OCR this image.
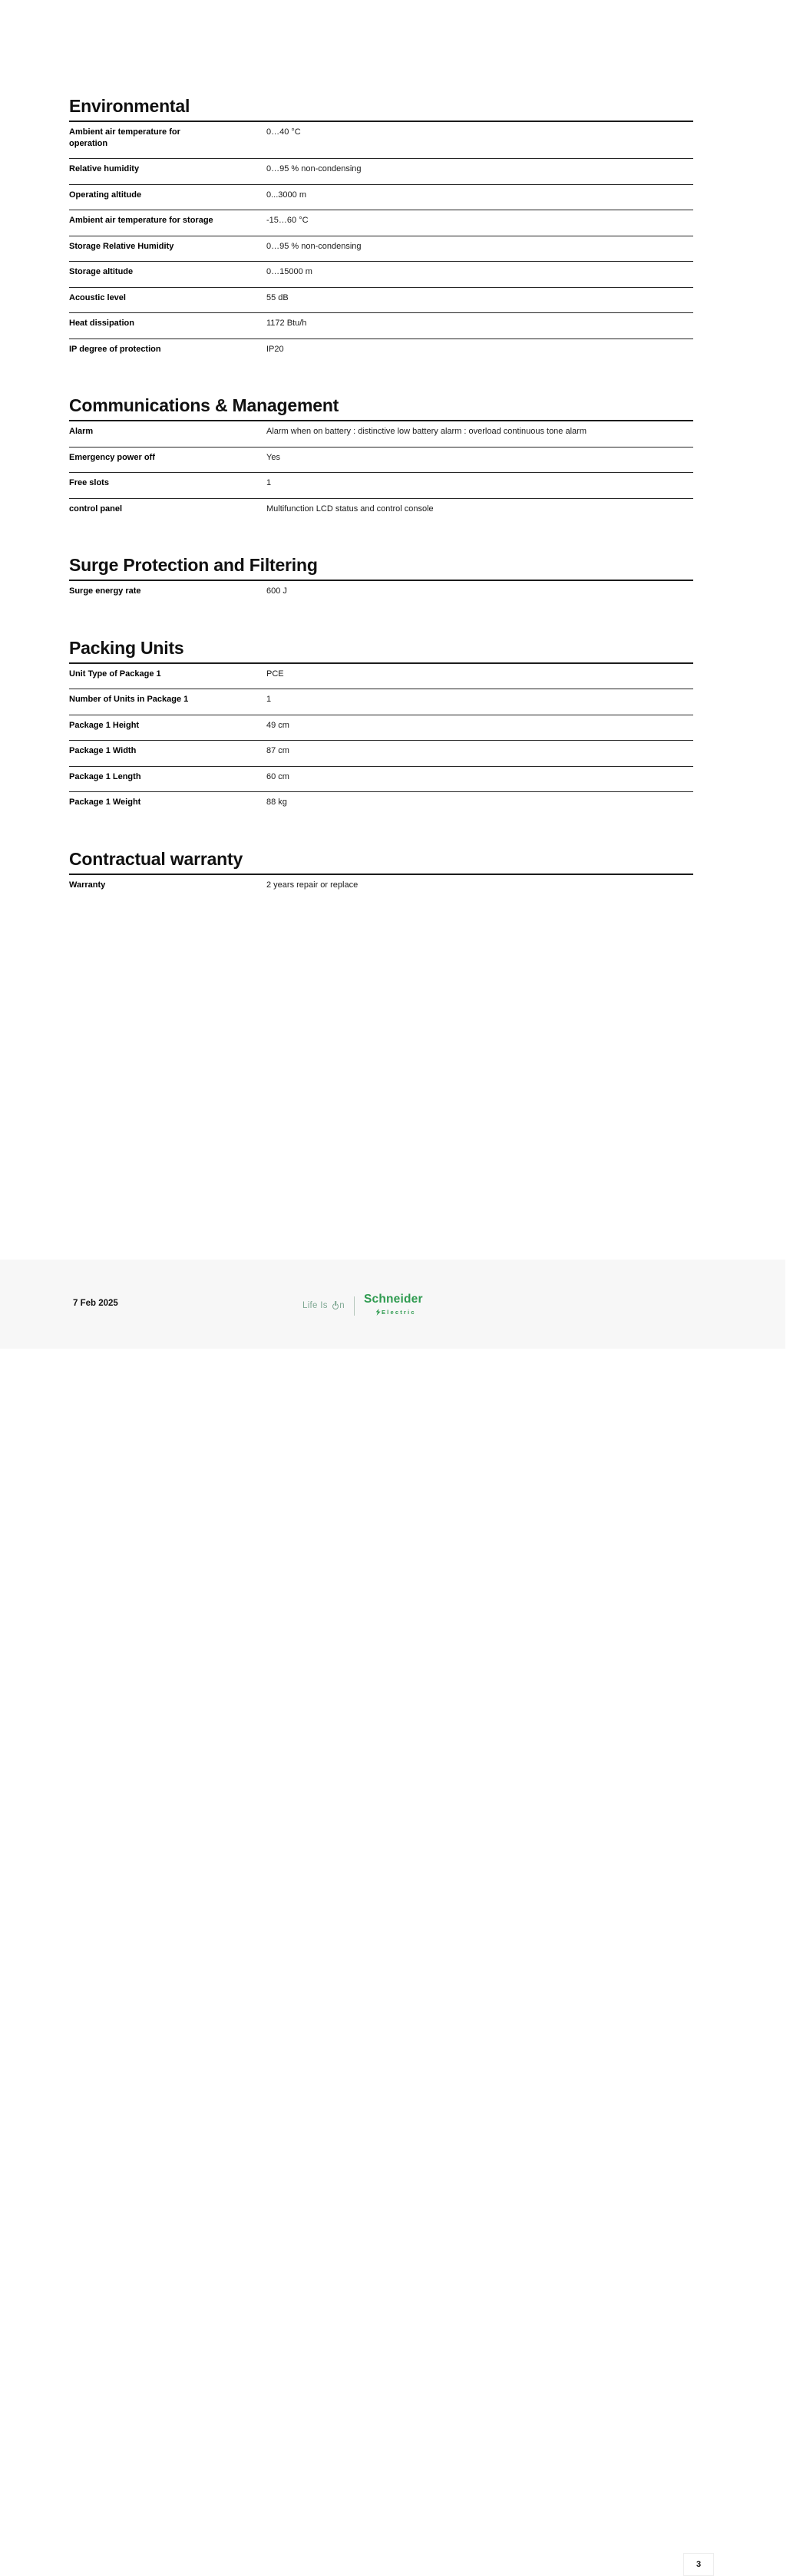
Environmental
Ambient air temperature for operation	0…40 °C

Relative humidity	0…95 % non-condensing

Operating altitude	0...3000 m

Ambient air temperature for storage	-15…60 °C

Storage Relative Humidity	0…95 % non-condensing

Storage altitude	0…15000 m

Acoustic level	55 dB

Heat dissipation	1172 Btu/h

IP degree of protection	IP20
Communications & Management
Alarm	Alarm when on battery : distinctive low battery alarm : overload continuous tone alarm

Emergency power off	Yes

Free slots	1

control panel	Multifunction LCD status and control console
Surge Protection and Filtering
Surge energy rate	600 J
Packing Units
Unit Type of Package 1	PCE

Number of Units in Package 1	1

Package 1 Height	49 cm

Package 1 Width	87 cm

Package 1 Length	60 cm

Package 1 Weight	88 kg
Contractual warranty
Warranty	2 years repair or replace
7 Feb 2025	Life Is n
Schneider
Electric
3
